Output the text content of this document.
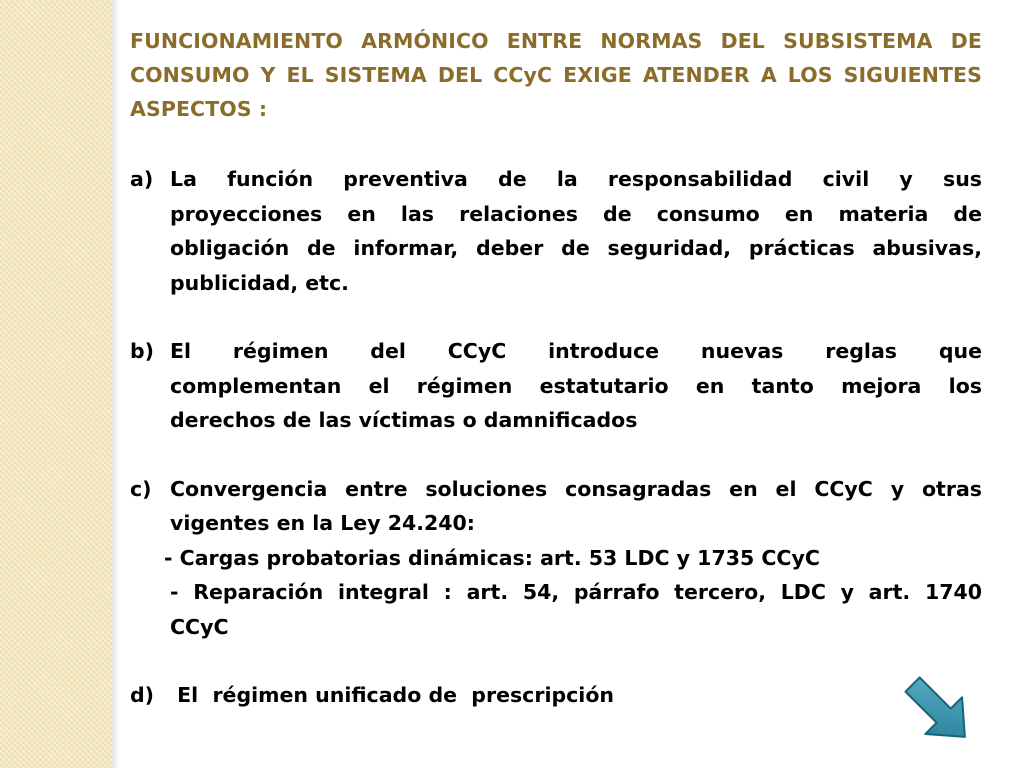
FUNCIONAMIENTO ARMÓNICO ENTRE NORMAS DEL SUBSISTEMA DE CONSUMO Y EL SISTEMA DEL CCyC EXIGE ATENDER A LOS SIGUIENTES ASPECTOS :

a) La función preventiva de la responsabilidad civil y sus
proyecciones en las relaciones de consumo en materia de
obligación de informar, deber de seguridad, prácticas abusivas,
publicidad, etc.
b) El régimen del CCyC introduce nuevas reglas que
complementan el régimen estatutario en tanto mejora los
derechos de las víctimas o damnificados
c) Convergencia entre soluciones consagradas en el CCyC y otras
vigentes en la Ley 24.240:
- Cargas probatorias dinámicas: art. 53 LDC y 1735 CCyC
- Reparación integral : art. 54, párrafo tercero, LDC y art. 1740
CCyC
d) El  régimen unificado de  prescripción
